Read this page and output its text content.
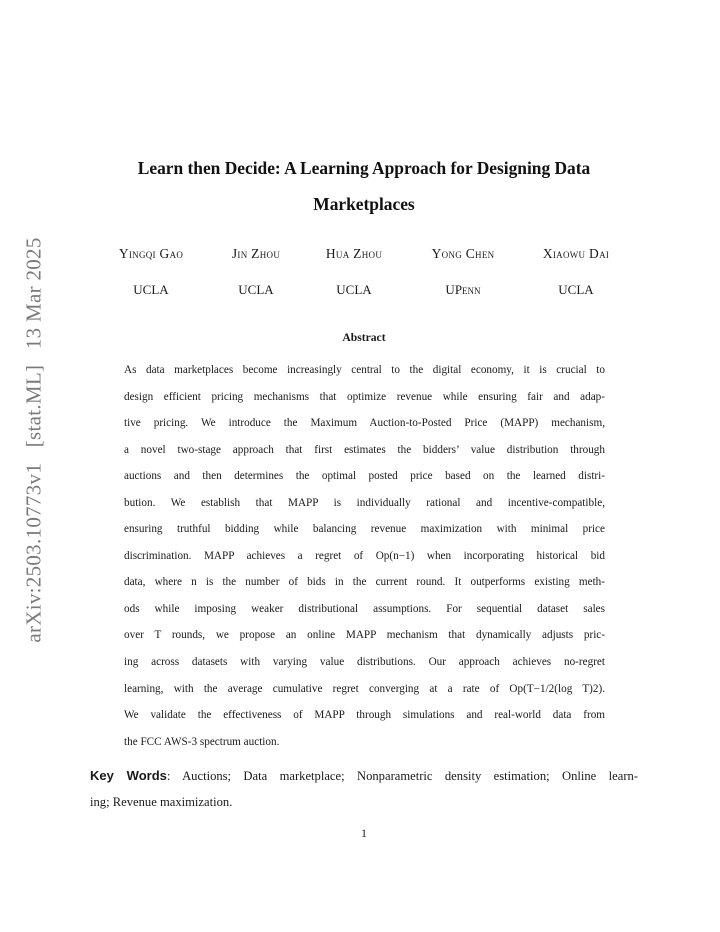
arXiv:2503.10773v1 [stat.ML] 13 Mar 2025
Learn then Decide: A Learning Approach for Designing Data
Marketplaces
Yingqi Gao
UCLA
Jin Zhou
UCLA
Hua Zhou
UCLA
Yong Chen
UPenn
Xiaowu Dai
UCLA
Abstract
As data marketplaces become increasingly central to the digital economy, it is crucial to
design efficient pricing mechanisms that optimize revenue while ensuring fair and adap-
tive pricing. We introduce the Maximum Auction-to-Posted Price (MAPP) mechanism,
a novel two-stage approach that first estimates the bidders’ value distribution through
auctions and then determines the optimal posted price based on the learned distri-
bution. We establish that MAPP is individually rational and incentive-compatible,
ensuring truthful bidding while balancing revenue maximization with minimal price
discrimination. MAPP achieves a regret of Op(n−1) when incorporating historical bid
data, where n is the number of bids in the current round. It outperforms existing meth-
ods while imposing weaker distributional assumptions. For sequential dataset sales
over T rounds, we propose an online MAPP mechanism that dynamically adjusts pric-
ing across datasets with varying value distributions. Our approach achieves no-regret
learning, with the average cumulative regret converging at a rate of Op(T−1/2(log T)2).
We validate the effectiveness of MAPP through simulations and real-world data from
the FCC AWS-3 spectrum auction.
Key Words: Auctions; Data marketplace; Nonparametric density estimation; Online learn-
ing; Revenue maximization.
1
